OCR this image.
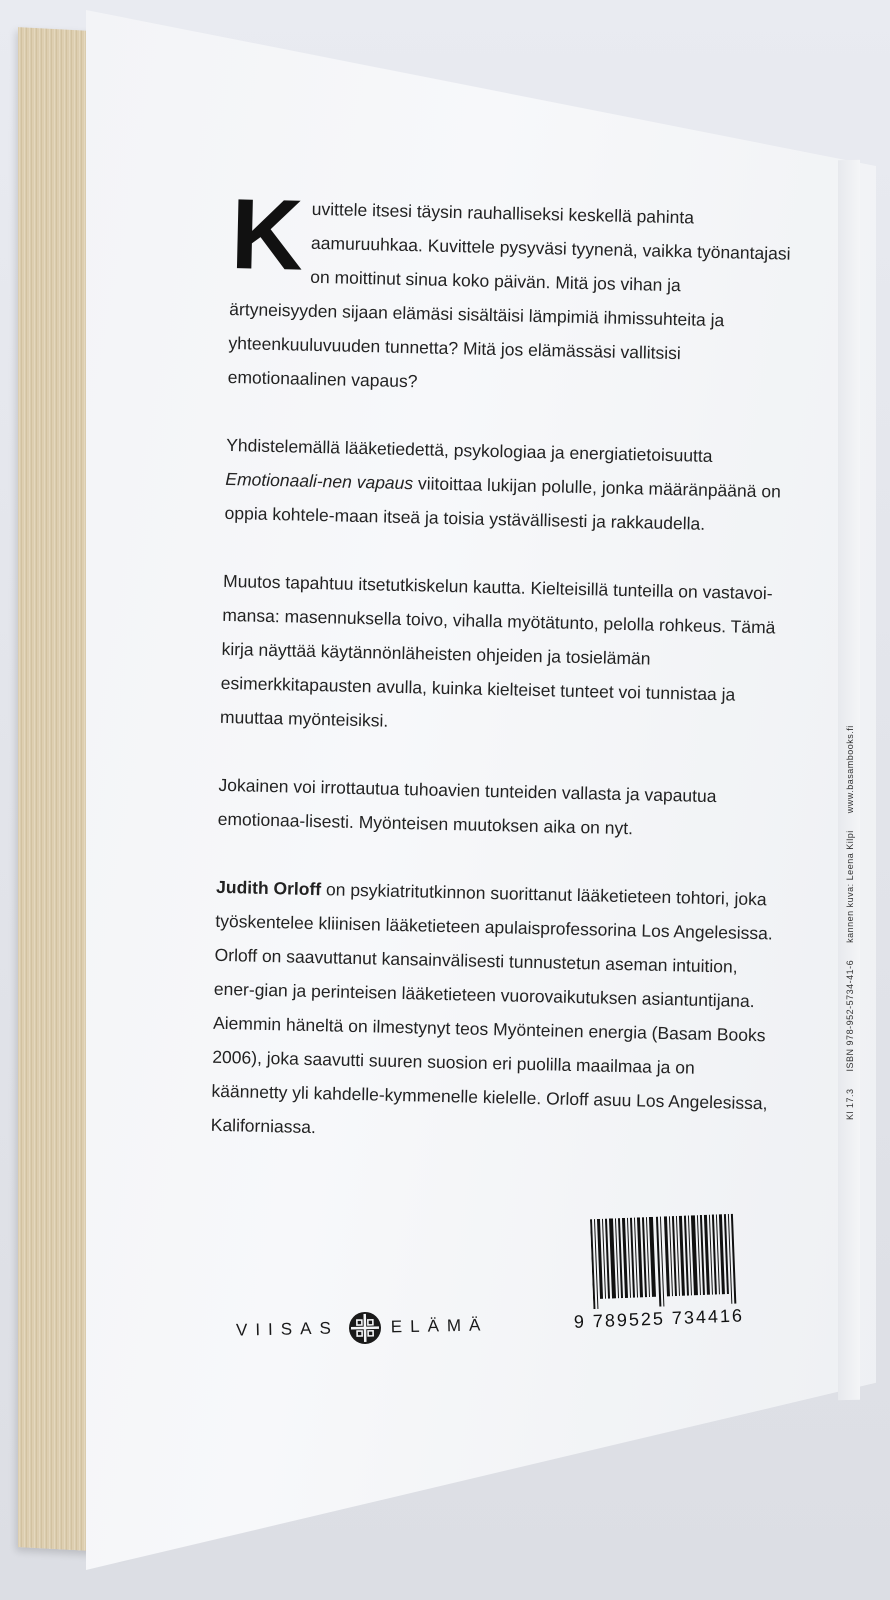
K uvittele itsesi täysin rauhalliseksi keskellä pahinta aamuruuhkaa. Kuvittele pysyväsi tyynenä, vaikka työnantajasi on moittinut sinua koko päivän. Mitä jos vihan ja ärtyneisyyden sijaan elämäsi sisältäisi lämpimiä ihmissuhteita ja yhteenkuuluvuuden tunnetta? Mitä jos elämässäsi vallitsisi emotionaalinen vapaus?

Yhdistelemällä lääketiedettä, psykologiaa ja energiatietoisuutta Emotionaali-nen vapaus viitoittaa lukijan polulle, jonka määränpäänä on oppia kohtele-maan itseä ja toisia ystävällisesti ja rakkaudella.

Muutos tapahtuu itsetutkiskelun kautta. Kielteisillä tunteilla on vastavoi-mansa: masennuksella toivo, vihalla myötätunto, pelolla rohkeus. Tämä kirja näyttää käytännönläheisten ohjeiden ja tosielämän esimerkkitapausten avulla, kuinka kielteiset tunteet voi tunnistaa ja muuttaa myönteisiksi.

Jokainen voi irrottautua tuhoavien tunteiden vallasta ja vapautua emotionaa-lisesti. Myönteisen muutoksen aika on nyt.

Judith Orloff on psykiatritutkinnon suorittanut lääketieteen tohtori, joka työskentelee kliinisen lääketieteen apulaisprofessorina Los Angelesissa. Orloff on saavuttanut kansainvälisesti tunnustetun aseman intuition, ener-gian ja perinteisen lääketieteen vuorovaikutuksen asiantuntijana. Aiemmin häneltä on ilmestynyt teos Myönteinen energia (Basam Books 2006), joka saavutti suuren suosion eri puolilla maailmaa ja on käännetty yli kahdelle-kymmenelle kielelle. Orloff asuu Los Angelesissa, Kaliforniassa.

VIISAS	ELÄMÄ	9 789525 734416
Kl 17.3 ISBN 978-952-5734-41-6 kannen kuva: Leena Kilpi www.basambooks.fi
